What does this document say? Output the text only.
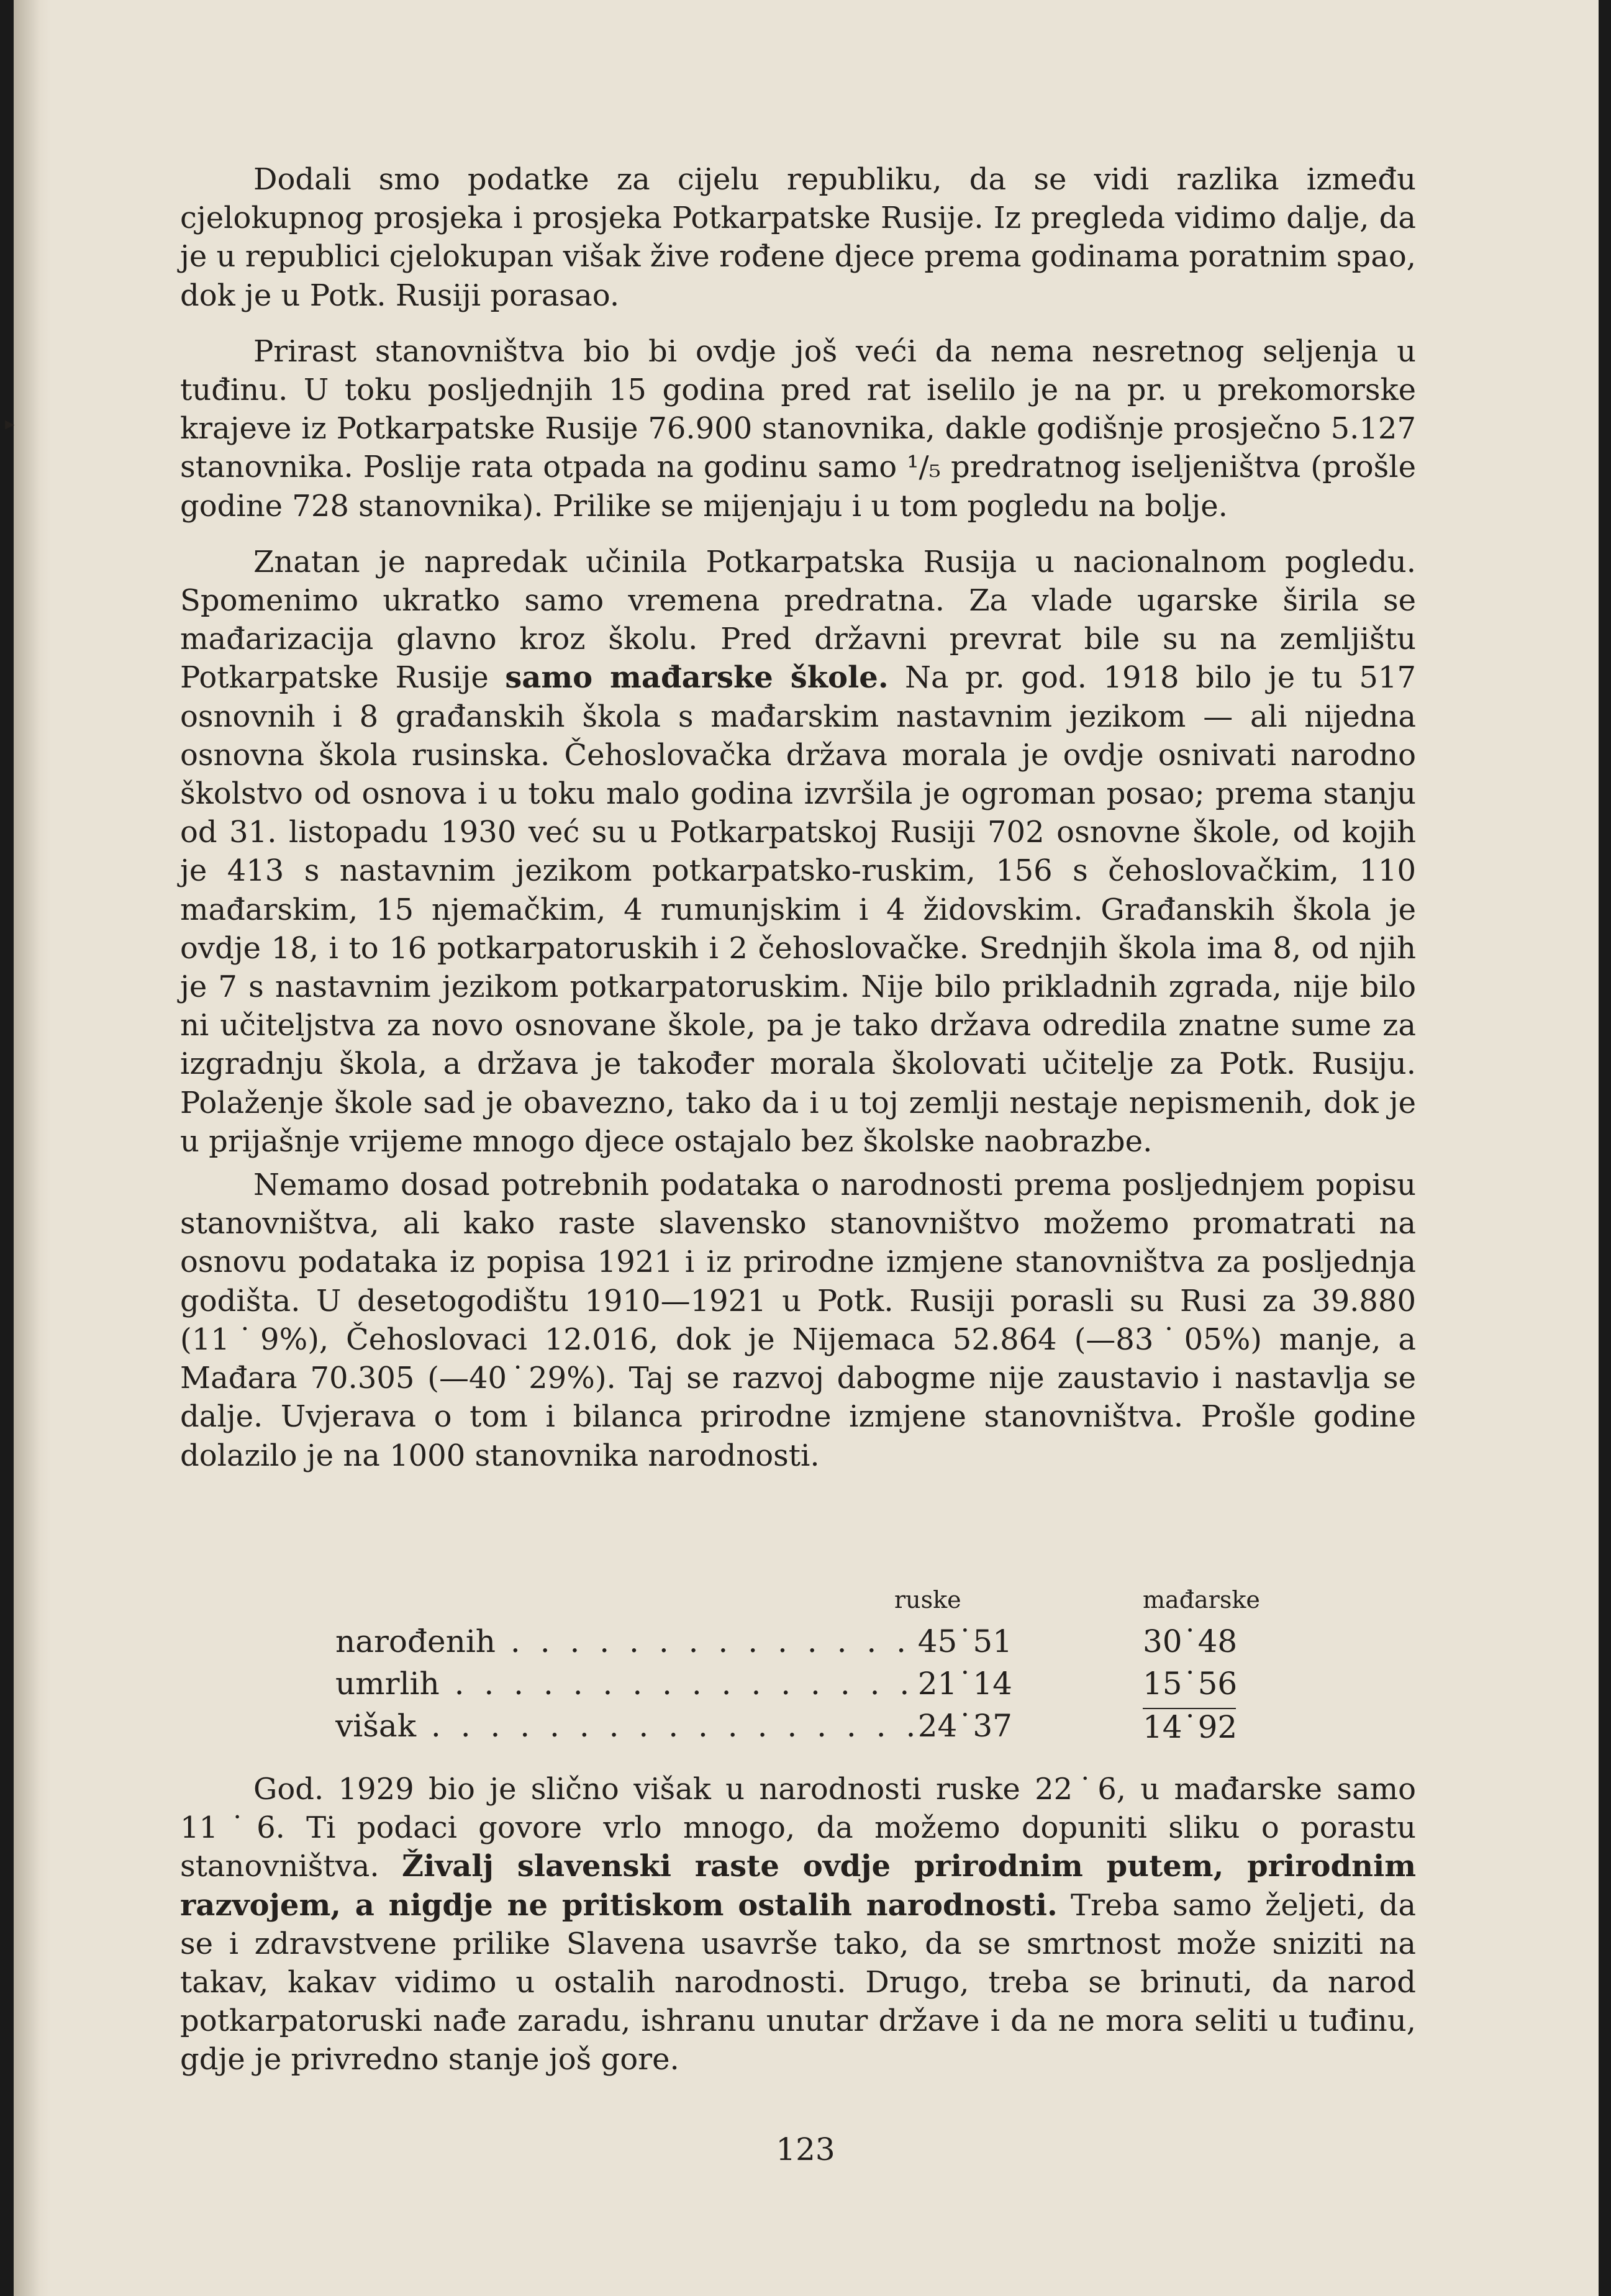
▸

Dodali smo podatke za cijelu republiku, da se vidi razlika između cjelokupnog prosjeka i prosjeka Potkarpatske Rusije. Iz pregleda vidimo dalje, da je u republici cjelokupan višak žive rođene djece prema godinama poratnim spao, dok je u Potk. Rusiji porasao.

Prirast stanovništva bio bi ovdje još veći da nema nesretnog seljenja u tuđinu. U toku posljednjih 15 godina pred rat iselilo je na pr. u prekomorske krajeve iz Potkarpatske Rusije 76.900 stanovnika, dakle godišnje prosječno 5.127 stanovnika. Poslije rata otpada na godinu samo ¹/₅ predratnog iseljeništva (prošle godine 728 stanovnika). Prilike se mijenjaju i u tom pogledu na bolje.

Znatan je napredak učinila Potkarpatska Rusija u nacionalnom pogledu. Spomenimo ukratko samo vremena predratna. Za vlade ugarske širila se mađarizacija glavno kroz školu. Pred državni prevrat bile su na zemljištu Potkarpatske Rusije samo mađarske škole. Na pr. god. 1918 bilo je tu 517 osnovnih i 8 građanskih škola s mađarskim nastavnim jezikom — ali nijedna osnovna škola rusinska. Čehoslovačka država morala je ovdje osnivati narodno školstvo od osnova i u toku malo godina izvršila je ogroman posao; prema stanju od 31. listopadu 1930 već su u Potkarpatskoj Rusiji 702 osnovne škole, od kojih je 413 s nastavnim jezikom potkarpatsko-ruskim, 156 s čehoslovačkim, 110 mađarskim, 15 njemačkim, 4 rumunjskim i 4 židovskim. Građanskih škola je ovdje 18, i to 16 potkarpatoruskih i 2 čehoslovačke. Srednjih škola ima 8, od njih je 7 s nastavnim jezikom potkarpatoruskim. Nije bilo prikladnih zgrada, nije bilo ni učiteljstva za novo osnovane škole, pa je tako država odredila znatne sume za izgradnju škola, a država je također morala školovati učitelje za Potk. Rusiju. Polaženje škole sad je obavezno, tako da i u toj zemlji nestaje nepismenih, dok je u prijašnje vrijeme mnogo djece ostajalo bez školske naobrazbe.

Nemamo dosad potrebnih podataka o narodnosti prema posljednjem popisu stanovništva, ali kako raste slavensko stanovništvo možemo promatrati na osnovu podataka iz popisa 1921 i iz prirodne izmjene stanovništva za posljednja godišta. U desetogodištu 1910—1921 u Potk. Rusiji porasli su Rusi za 39.880 (11˙9%), Čehoslovaci 12.016, dok je Nijemaca 52.864 (—83˙05%) manje, a Mađara 70.305 (—40˙29%). Taj se razvoj dabogme nije zaustavio i nastavlja se dalje. Uvjerava o tom i bilanca prirodne izmjene stanovništva. Prošle godine dolazilo je na 1000 stanovnika narodnosti.

ruske	mađarske
narođenih . . .	45˙51	30˙48
umrlih . . .	21˙14	15˙56
višak . . .	24˙37	14˙92

God. 1929 bio je slično višak u narodnosti ruske 22˙6, u mađarske samo 11˙6. Ti podaci govore vrlo mnogo, da možemo dopuniti sliku o porastu stanovništva. Živalj slavenski raste ovdje prirodnim putem, prirodnim razvojem, a nigdje ne pritiskom ostalih narodnosti. Treba samo željeti, da se i zdravstvene prilike Slavena usavrše tako, da se smrtnost može sniziti na takav, kakav vidimo u ostalih narodnosti. Drugo, treba se brinuti, da narod potkarpatoruski nađe zaradu, ishranu unutar države i da ne mora seliti u tuđinu, gdje je privredno stanje još gore.

123
